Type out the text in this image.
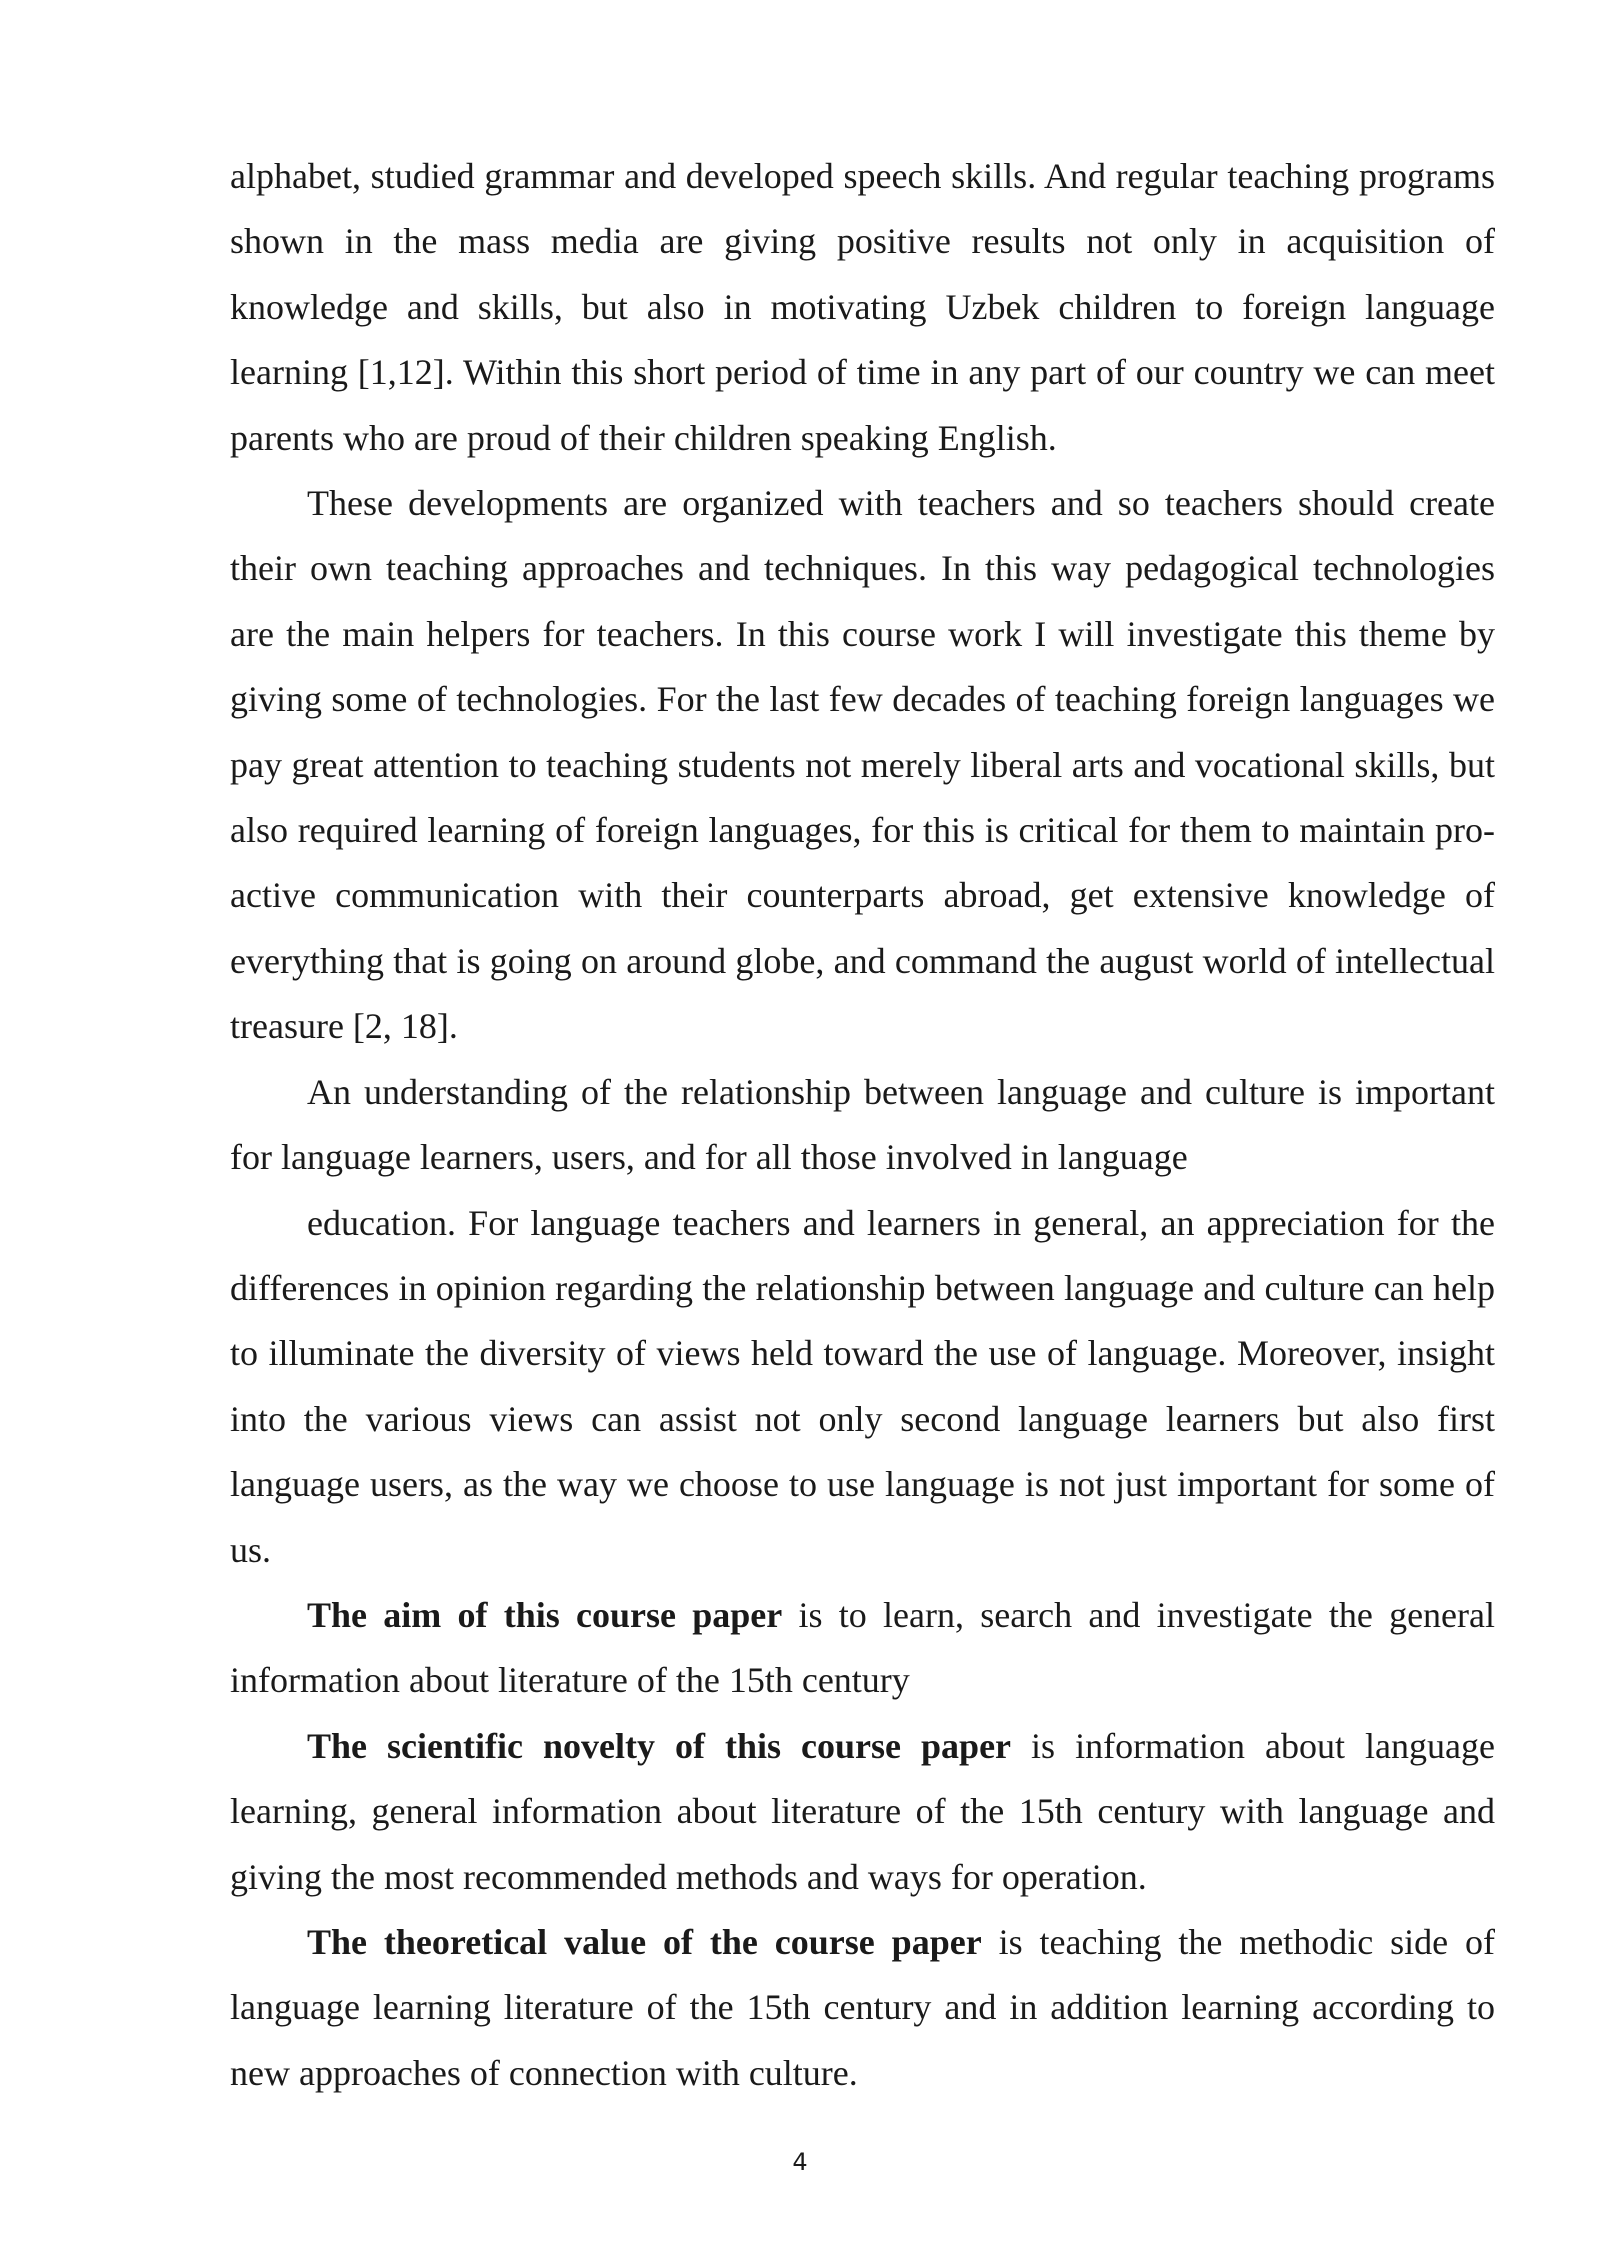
alphabet, studied grammar and developed speech skills. And regular teaching programs shown in the mass media are giving positive results not only in acquisition of knowledge and skills, but also in motivating Uzbek children to foreign language learning [1,12]. Within this short period of time in any part of our country we can meet parents who are proud of their children speaking English.

These developments are organized with teachers and so teachers should create their own teaching approaches and techniques. In this way pedagogical technologies are the main helpers for teachers. In this course work I will investigate this theme by giving some of technologies. For the last few decades of teaching foreign languages we pay great attention to teaching students not merely liberal arts and vocational skills, but also required learning of foreign languages, for this is critical for them to maintain pro-active communication with their counterparts abroad, get extensive knowledge of everything that is going on around globe, and command the august world of intellectual treasure [2, 18].

An understanding of the relationship between language and culture is important for language learners, users, and for all those involved in language

education. For language teachers and learners in general, an appreciation for the differences in opinion regarding the relationship between language and culture can help to illuminate the diversity of views held toward the use of language. Moreover, insight into the various views can assist not only second language learners but also first language users, as the way we choose to use language is not just important for some of us.

The aim of this course paper is to learn, search and investigate the general information about literature of the 15th century

The scientific novelty of this course paper is information about language learning, general information about literature of the 15th century with language and giving the most recommended methods and ways for operation.

The theoretical value of the course paper is teaching the methodic side of language learning literature of the 15th century and in addition learning according to new approaches of connection with culture.

4
